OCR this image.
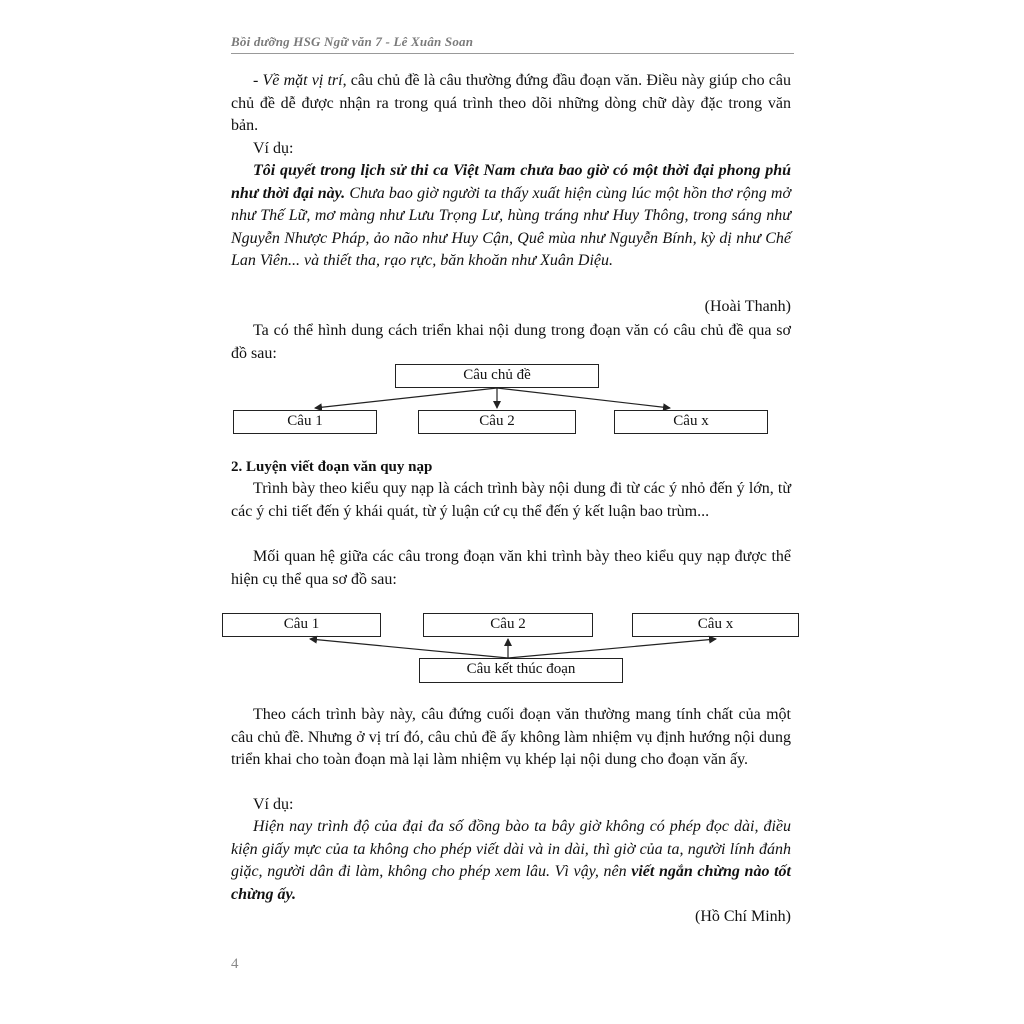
Bồi dưỡng HSG Ngữ văn 7 - Lê Xuân Soan

- Về mặt vị trí, câu chủ đề là câu thường đứng đầu đoạn văn. Điều này giúp cho câu chủ đề dễ được nhận ra trong quá trình theo dõi những dòng chữ dày đặc trong văn bản.

Ví dụ:

Tôi quyết trong lịch sử thi ca Việt Nam chưa bao giờ có một thời đại phong phú như thời đại này. Chưa bao giờ người ta thấy xuất hiện cùng lúc một hồn thơ rộng mở như Thế Lữ, mơ màng như Lưu Trọng Lư, hùng tráng như Huy Thông, trong sáng như Nguyễn Nhược Pháp, ảo não như Huy Cận, Quê mùa như Nguyễn Bính, kỳ dị như Chế Lan Viên... và thiết tha, rạo rực, băn khoăn như Xuân Diệu.

(Hoài Thanh)

Ta có thể hình dung cách triển khai nội dung trong đoạn văn có câu chủ đề qua sơ đồ sau:

Câu chủ đề
Câu 1	Câu 2	Câu x

2. Luyện viết đoạn văn quy nạp

Trình bày theo kiểu quy nạp là cách trình bày nội dung đi từ các ý nhỏ đến ý lớn, từ các ý chi tiết đến ý khái quát, từ ý luận cứ cụ thể đến ý kết luận bao trùm...

Mối quan hệ giữa các câu trong đoạn văn khi trình bày theo kiểu quy nạp được thể hiện cụ thể qua sơ đồ sau:

Câu 1	Câu 2	Câu x
Câu kết thúc đoạn

Theo cách trình bày này, câu đứng cuối đoạn văn thường mang tính chất của một câu chủ đề. Nhưng ở vị trí đó, câu chủ đề ấy không làm nhiệm vụ định hướng nội dung triển khai cho toàn đoạn mà lại làm nhiệm vụ khép lại nội dung cho đoạn văn ấy.

Ví dụ:

Hiện nay trình độ của đại đa số đồng bào ta bây giờ không có phép đọc dài, điều kiện giấy mực của ta không cho phép viết dài và in dài, thì giờ của ta, người lính đánh giặc, người dân đi làm, không cho phép xem lâu. Vì vậy, nên viết ngắn chừng nào tốt chừng ấy.

(Hồ Chí Minh)

4
